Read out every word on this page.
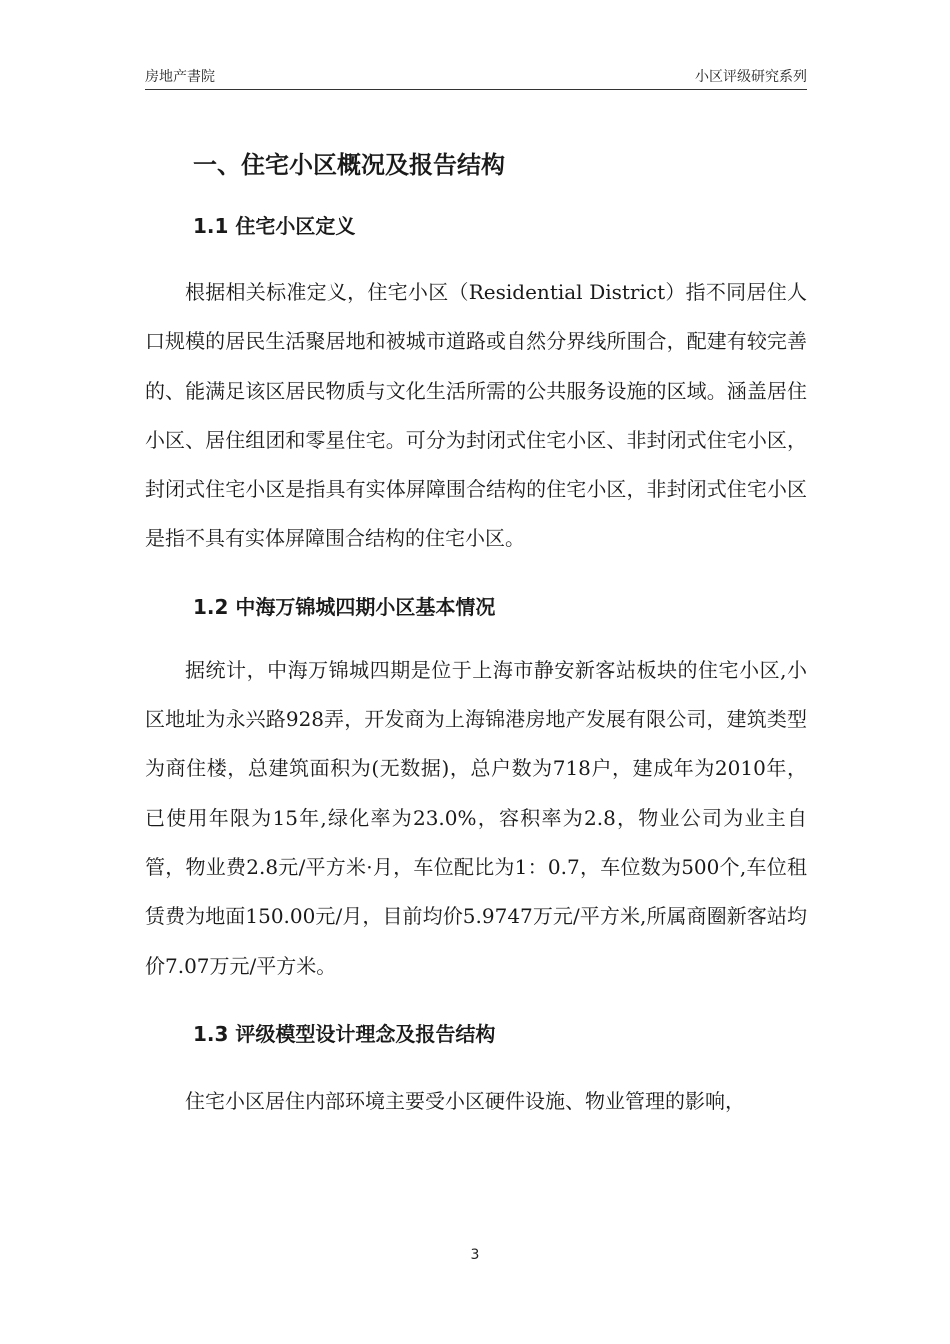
房地产書院	小区评级研究系列
一、住宅小区概况及报告结构
1.1 住宅小区定义

根据相关标准定义，住宅小区（Residential District）指不同居住人口规模的居民生活聚居地和被城市道路或自然分界线所围合，配建有较完善的、能满足该区居民物质与文化生活所需的公共服务设施的区域。涵盖居住小区、居住组团和零星住宅。可分为封闭式住宅小区、非封闭式住宅小区，封闭式住宅小区是指具有实体屏障围合结构的住宅小区，非封闭式住宅小区是指不具有实体屏障围合结构的住宅小区。

1.2 中海万锦城四期小区基本情况

据统计，中海万锦城四期是位于上海市静安新客站板块的住宅小区,小区地址为永兴路928弄，开发商为上海锦港房地产发展有限公司，建筑类型为商住楼，总建筑面积为(无数据)，总户数为718户，建成年为2010年，已使用年限为15年,绿化率为23.0%，容积率为2.8，物业公司为业主自管，物业费2.8元/平方米·月，车位配比为1：0.7，车位数为500个,车位租赁费为地面150.00元/月，目前均价5.9747万元/平方米,所属商圈新客站均价7.07万元/平方米。

1.3 评级模型设计理念及报告结构

住宅小区居住内部环境主要受小区硬件设施、物业管理的影响，

3
